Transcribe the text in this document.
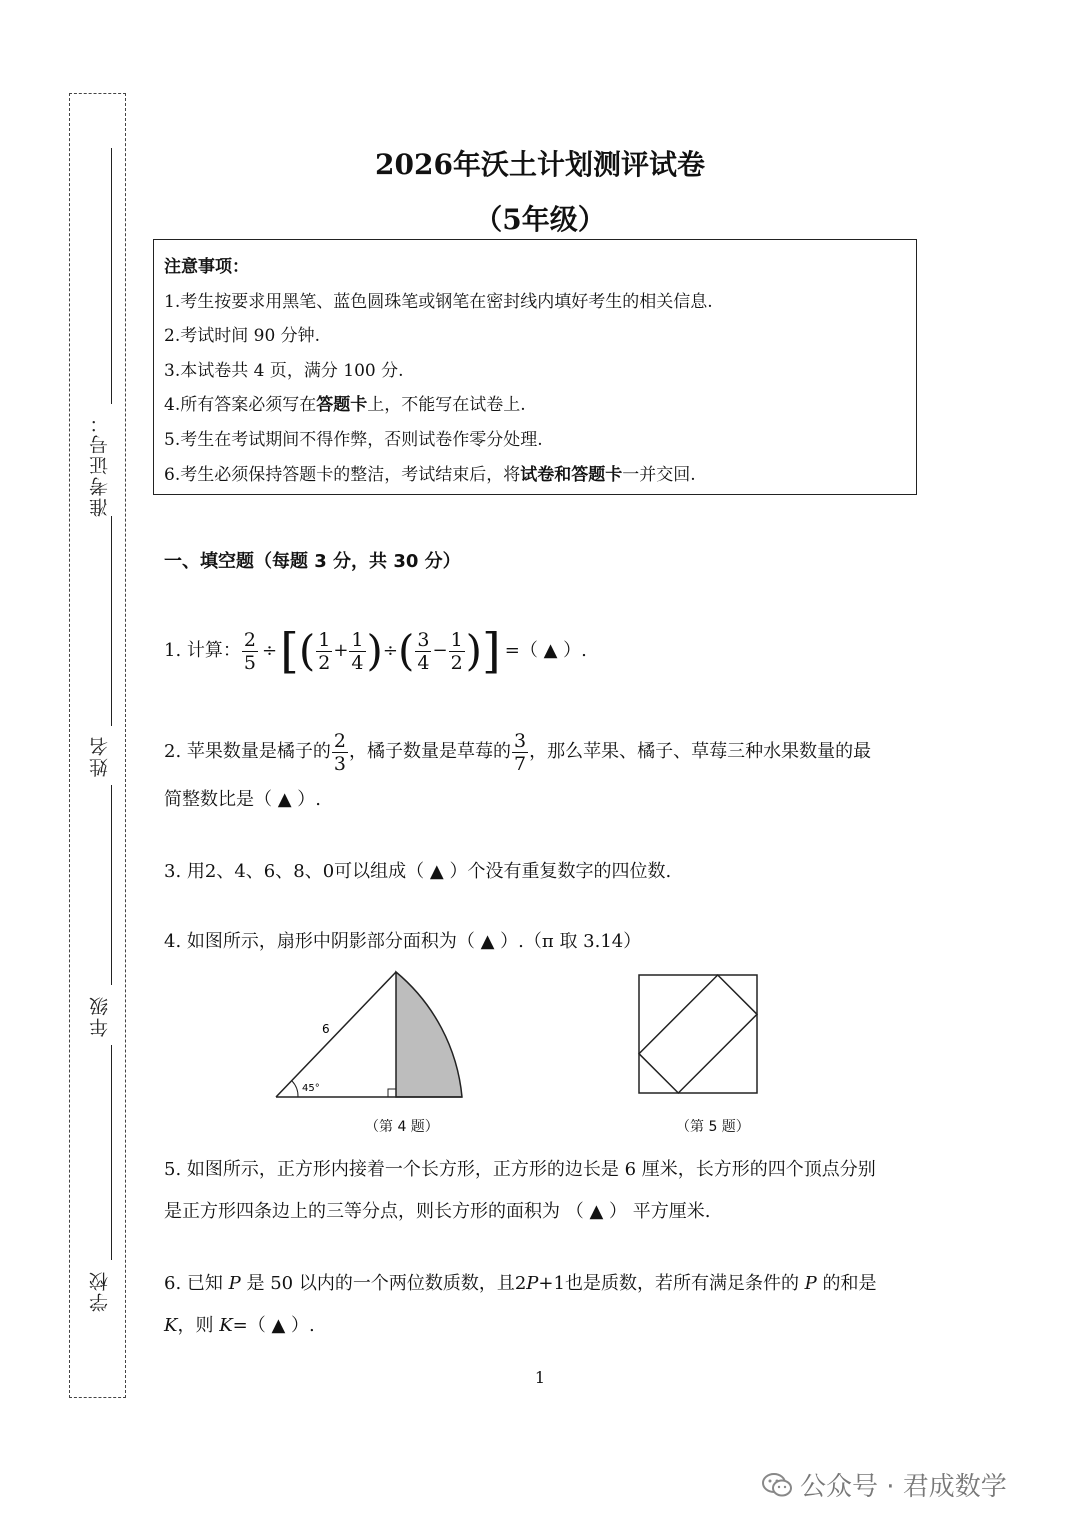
准考证号：
姓名
年级
学校
2026年沃土计划测评试卷
（5年级）
注意事项：
1.考生按要求用黑笔、蓝色圆珠笔或钢笔在密封线内填好考生的相关信息.
2.考试时间 90 分钟.
3.本试卷共 4 页，满分 100 分.
4.所有答案必须写在答题卡上，不能写在试卷上.
5.考生在考试期间不得作弊，否则试卷作零分处理.
6.考生必须保持答题卡的整洁，考试结束后，将试卷和答题卡一并交回.
一、填空题（每题 3 分，共 30 分）
1. 计算： $\frac{2}{5}$ ÷ [ ( $\frac{1}{2} + \frac{1}{4}$ ) ÷ ( $\frac{3}{4} - \frac{1}{2}$ ) ] =（ ▲ ）.
2. 苹果数量是橘子的 $\frac{2}{3}$ ，橘子数量是草莓的 $\frac{3}{7}$ ，那么苹果、橘子、草莓三种水果数量的最
简整数比是（ ▲ ）.
3. 用2、4、6、8、0可以组成（ ▲ ）个没有重复数字的四位数.
4. 如图所示，扇形中阴影部分面积为（ ▲ ）.（π 取 3.14）
6
45°
（第 4 题）	（第 5 题）
5. 如图所示，正方形内接着一个长方形，正方形的边长是 6 厘米，长方形的四个顶点分别
是正方形四条边上的三等分点，则长方形的面积为 （ ▲ ） 平方厘米.
6. 已知 P 是 50 以内的一个两位数质数，且2P+1也是质数，若所有满足条件的 P 的和是
K，则 K=（ ▲ ）.
1
公众号 · 君成数学
